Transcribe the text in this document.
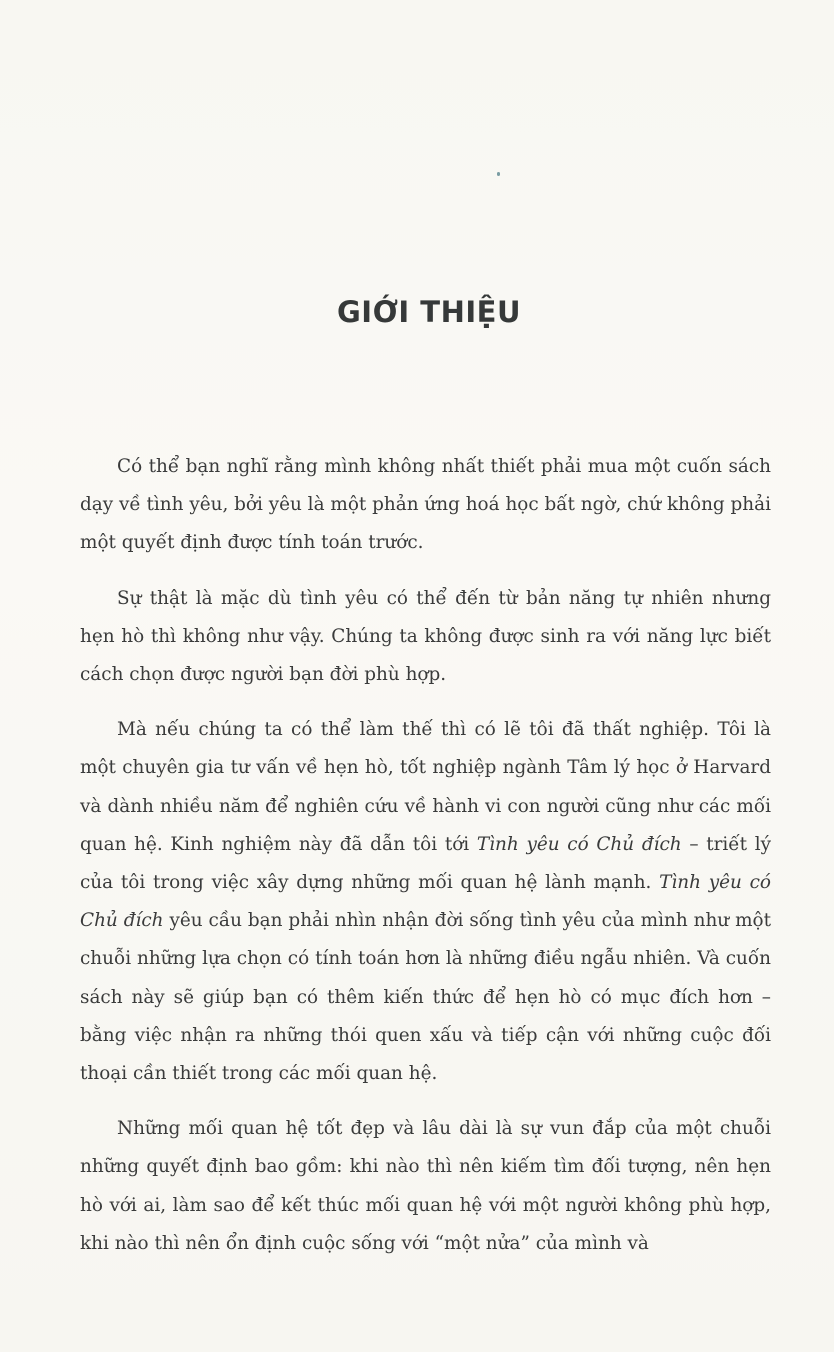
GIỚI THIỆU

Có thể bạn nghĩ rằng mình không nhất thiết phải mua một cuốn sách dạy về tình yêu, bởi yêu là một phản ứng hoá học bất ngờ, chứ không phải một quyết định được tính toán trước.

Sự thật là mặc dù tình yêu có thể đến từ bản năng tự nhiên nhưng hẹn hò thì không như vậy. Chúng ta không được sinh ra với năng lực biết cách chọn được người bạn đời phù hợp.

Mà nếu chúng ta có thể làm thế thì có lẽ tôi đã thất nghiệp. Tôi là một chuyên gia tư vấn về hẹn hò, tốt nghiệp ngành Tâm lý học ở Harvard và dành nhiều năm để nghiên cứu về hành vi con người cũng như các mối quan hệ. Kinh nghiệm này đã dẫn tôi tới Tình yêu có Chủ đích – triết lý của tôi trong việc xây dựng những mối quan hệ lành mạnh. Tình yêu có Chủ đích yêu cầu bạn phải nhìn nhận đời sống tình yêu của mình như một chuỗi những lựa chọn có tính toán hơn là những điều ngẫu nhiên. Và cuốn sách này sẽ giúp bạn có thêm kiến thức để hẹn hò có mục đích hơn – bằng việc nhận ra những thói quen xấu và tiếp cận với những cuộc đối thoại cần thiết trong các mối quan hệ.

Những mối quan hệ tốt đẹp và lâu dài là sự vun đắp của một chuỗi những quyết định bao gồm: khi nào thì nên kiếm tìm đối tượng, nên hẹn hò với ai, làm sao để kết thúc mối quan hệ với một người không phù hợp, khi nào thì nên ổn định cuộc sống với “một nửa” của mình và
